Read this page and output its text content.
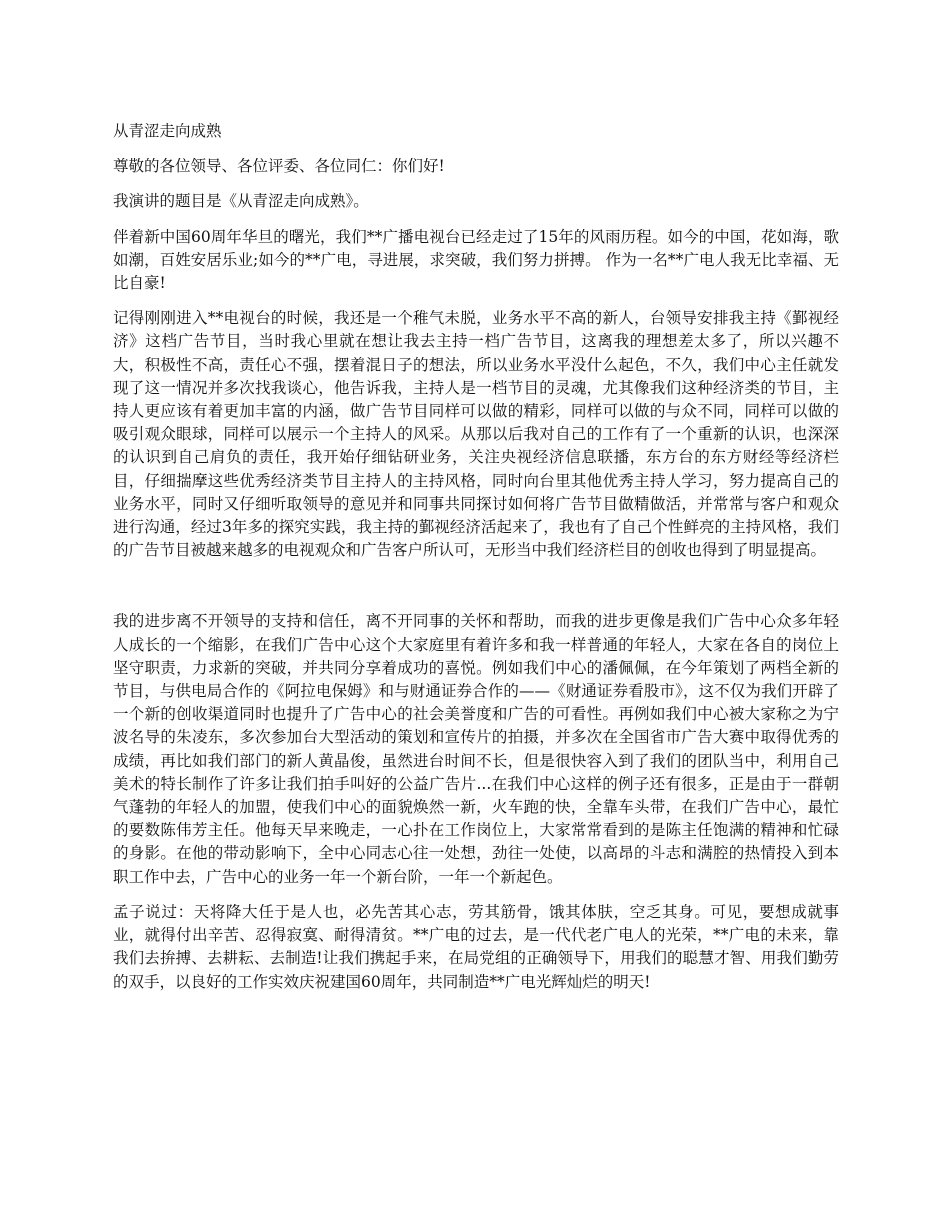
从青涩走向成熟

尊敬的各位领导、各位评委、各位同仁：你们好!

我演讲的题目是《从青涩走向成熟》。

伴着新中国60周年华旦的曙光，我们**广播电视台已经走过了15年的风雨历程。如今的中国，花如海，歌如潮，百姓安居乐业;如今的**广电，寻进展，求突破，我们努力拼搏。 作为一名**广电人我无比幸福、无比自豪!

记得刚刚进入**电视台的时候，我还是一个稚气未脱，业务水平不高的新人，台领导安排我主持《鄞视经济》这档广告节目，当时我心里就在想让我去主持一档广告节目，这离我的理想差太多了，所以兴趣不大，积极性不高，责任心不强，摆着混日子的想法，所以业务水平没什么起色，不久，我们中心主任就发现了这一情况并多次找我谈心，他告诉我，主持人是一档节目的灵魂，尤其像我们这种经济类的节目，主持人更应该有着更加丰富的内涵，做广告节目同样可以做的精彩，同样可以做的与众不同，同样可以做的吸引观众眼球，同样可以展示一个主持人的风采。从那以后我对自己的工作有了一个重新的认识，也深深的认识到自己肩负的责任，我开始仔细钻研业务，关注央视经济信息联播，东方台的东方财经等经济栏目，仔细揣摩这些优秀经济类节目主持人的主持风格，同时向台里其他优秀主持人学习，努力提高自己的业务水平，同时又仔细听取领导的意见并和同事共同探讨如何将广告节目做精做活，并常常与客户和观众进行沟通，经过3年多的探究实践，我主持的鄞视经济活起来了，我也有了自己个性鲜亮的主持风格，我们的广告节目被越来越多的电视观众和广告客户所认可，无形当中我们经济栏目的创收也得到了明显提高。

我的进步离不开领导的支持和信任，离不开同事的关怀和帮助，而我的进步更像是我们广告中心众多年轻人成长的一个缩影，在我们广告中心这个大家庭里有着许多和我一样普通的年轻人，大家在各自的岗位上坚守职责，力求新的突破，并共同分享着成功的喜悦。例如我们中心的潘佩佩，在今年策划了两档全新的节目，与供电局合作的《阿拉电保姆》和与财通证券合作的——《财通证券看股市》，这不仅为我们开辟了一个新的创收渠道同时也提升了广告中心的社会美誉度和广告的可看性。再例如我们中心被大家称之为宁波名导的朱凌东，多次参加台大型活动的策划和宣传片的拍摄，并多次在全国省市广告大赛中取得优秀的成绩，再比如我们部门的新人黄晶俊，虽然进台时间不长，但是很快容入到了我们的团队当中，利用自己美术的特长制作了许多让我们拍手叫好的公益广告片...在我们中心这样的例子还有很多，正是由于一群朝气蓬勃的年轻人的加盟，使我们中心的面貌焕然一新，火车跑的快，全靠车头带，在我们广告中心，最忙的要数陈伟芳主任。他每天早来晚走，一心扑在工作岗位上，大家常常看到的是陈主任饱满的精神和忙碌的身影。在他的带动影响下，全中心同志心往一处想，劲往一处使，以高昂的斗志和满腔的热情投入到本职工作中去，广告中心的业务一年一个新台阶，一年一个新起色。

孟子说过：天将降大任于是人也，必先苦其心志，劳其筋骨，饿其体肤，空乏其身。可见，要想成就事业，就得付出辛苦、忍得寂寞、耐得清贫。**广电的过去，是一代代老广电人的光荣，**广电的未来，靠我们去拚搏、去耕耘、去制造!让我们携起手来，在局党组的正确领导下，用我们的聪慧才智、用我们勤劳的双手，以良好的工作实效庆祝建国60周年，共同制造**广电光辉灿烂的明天!
